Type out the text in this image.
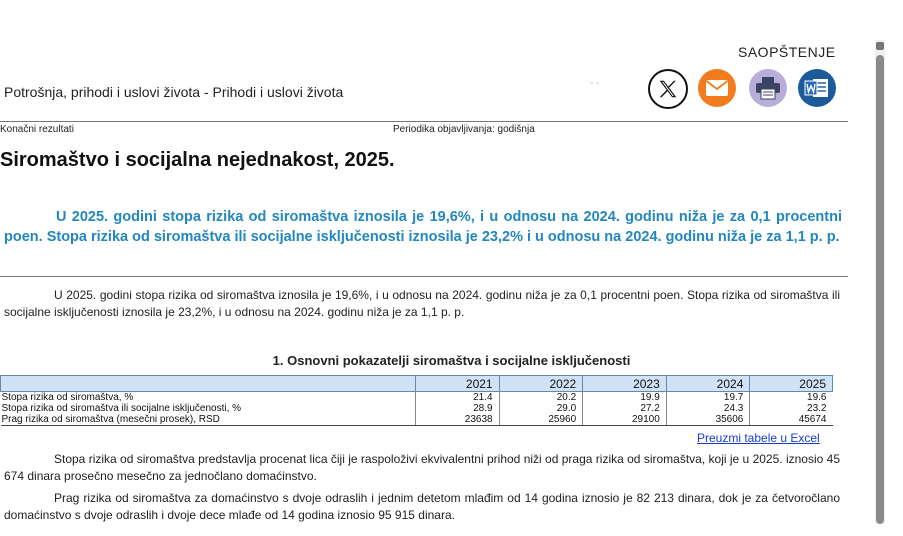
SAOPŠTENJE
Potrošnja, prihodi i uslovi života - Prihodi i uslovi života
- -
Konačni rezultati	Periodika objavljivanja: godišnja
Siromaštvo i socijalna nejednakost, 2025.
U 2025. godini stopa rizika od siromaštva iznosila je 19,6%, i u odnosu na 2024. godinu niža je za 0,1 procentni poen. Stopa rizika od siromaštva ili socijalne isključenosti iznosila je 23,2% i u odnosu na 2024. godinu niža je za 1,1 p. p.
U 2025. godini stopa rizika od siromaštva iznosila je 19,6%, i u odnosu na 2024. godinu niža je za 0,1 procentni poen. Stopa rizika od siromaštva ili socijalne isključenosti iznosila je 23,2%, i u odnosu na 2024. godinu niža je za 1,1 p. p.
1. Osnovni pokazatelji siromaštva i socijalne isključenosti
	2021	2022	2023	2024	2025
Stopa rizika od siromaštva, %	21.4	20.2	19.9	19.7	19.6
Stopa rizika od siromaštva ili socijalne isključenosti, %	28.9	29.0	27.2	24.3	23.2
Prag rizika od siromaštva (mesečni prosek), RSD	23638	25960	29100	35606	45674
Preuzmi tabele u Excel
Stopa rizika od siromaštva predstavlja procenat lica čiji je raspoloživi ekvivalentni prihod niži od praga rizika od siromaštva, koji je u 2025. iznosio 45 674 dinara prosečno mesečno za jednočlano domaćinstvo.
Prag rizika od siromaštva za domaćinstvo s dvoje odraslih i jednim detetom mlađim od 14 godina iznosio je 82 213 dinara, dok je za četvoročlano domaćinstvo s dvoje odraslih i dvoje dece mlađe od 14 godina iznosio 95 915 dinara.
